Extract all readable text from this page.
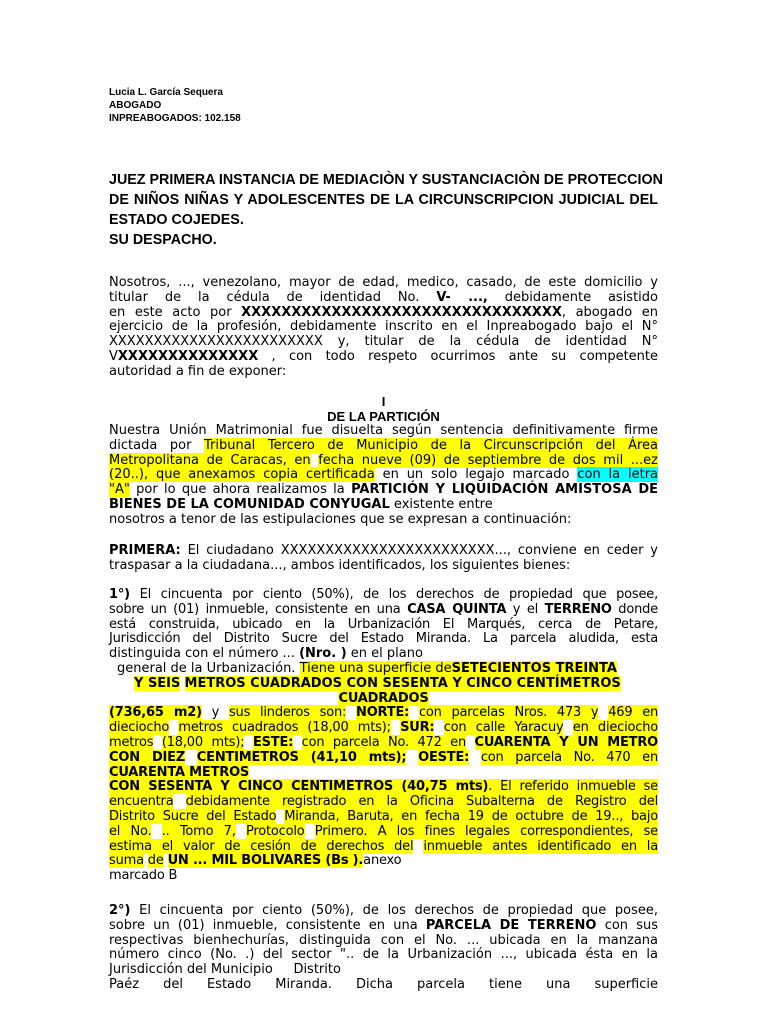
Lucia L. García Sequera
ABOGADO
INPREABOGADOS: 102.158
JUEZ PRIMERA INSTANCIA DE MEDIACIÒN Y SUSTANCIACIÒN DE PROTECCION
DE NIÑOS NIÑAS Y ADOLESCENTES DE LA CIRCUNSCRIPCION JUDICIAL DEL
ESTADO COJEDES.
SU DESPACHO.
Nosotros, ..., venezolano, mayor de edad, medico, casado, de este domicilio y
titular de la cédula de identidad No. V- ..., debidamente asistido
en este acto por XXXXXXXXXXXXXXXXXXXXXXXXXXXXXXXX, abogado en
ejercicio de la profesión, debidamente inscrito en el Inpreabogado bajo el N°
XXXXXXXXXXXXXXXXXXXXXXXX y, titular de la cédula de identidad N°
VXXXXXXXXXXXXXX , con todo respeto ocurrimos ante su competente
autoridad a fin de exponer:
I
DE LA PARTICIÓN
Nuestra Unión Matrimonial fue disuelta según sentencia definitivamente firme
dictada por Tribunal Tercero de Municipio de la Circunscripción del Área
Metropolitana de Caracas, en fecha nueve (09) de septiembre de dos mil ...ez
(20..), que anexamos copia certificada en un solo legajo marcado con la letra
"A" por lo que ahora realizamos la PARTICIÓN Y LIQUIDACIÓN AMISTOSA DE
BIENES DE LA COMUNIDAD CONYUGAL existente entre
nosotros a tenor de las estipulaciones que se expresan a continuación:
PRIMERA: El ciudadano XXXXXXXXXXXXXXXXXXXXXXXX..., conviene en ceder y
traspasar a la ciudadana..., ambos identificados, los siguientes bienes:
1°) El cincuenta por ciento (50%), de los derechos de propiedad que posee,
sobre un (01) inmueble, consistente en una CASA QUINTA y el TERRENO donde
está construida, ubicado en la Urbanización El Marqués, cerca de Petare,
Jurisdicción del Distrito Sucre del Estado Miranda. La parcela aludida, esta
distinguida con el número ... (Nro. ) en el plano
general de la Urbanización. Tiene una superficie deSETECIENTOS TREINTA
Y SEIS METROS CUADRADOS CON SESENTA Y CINCO CENTÍMETROS
CUADRADOS
(736,65 m2) y sus linderos son: NORTE: con parcelas Nros. 473 y 469 en
dieciocho metros cuadrados (18,00 mts); SUR: con calle Yaracuy en dieciocho
metros (18,00 mts); ESTE: con parcela No. 472 en CUARENTA Y UN METRO
CON DIEZ CENTIMETROS (41,10 mts); OESTE: con parcela No. 470 en
CUARENTA METROS
CON SESENTA Y CINCO CENTIMETROS (40,75 mts). El referido inmueble se
encuentra debidamente registrado en la Oficina Subalterna de Registro del
Distrito Sucre del Estado Miranda, Baruta, en fecha 19 de octubre de 19.., bajo
el No. .. Tomo 7, Protocolo Primero. A los fines legales correspondientes, se
estima el valor de cesión de derechos del inmueble antes identificado en la
suma de UN ... MIL BOLIVARES (Bs ).anexo
marcado B
2°) El cincuenta por ciento (50%), de los derechos de propiedad que posee,
sobre un (01) inmueble, consistente en una PARCELA DE TERRENO con sus
respectivas bienhechurías, distinguida con el No. ... ubicada en la manzana
número cinco (No. .) del sector ".. de la Urbanización ..., ubicada ésta en la
Jurisdicción del Municipio     Distrito
Paéz del Estado Miranda. Dicha parcela tiene una superficie
